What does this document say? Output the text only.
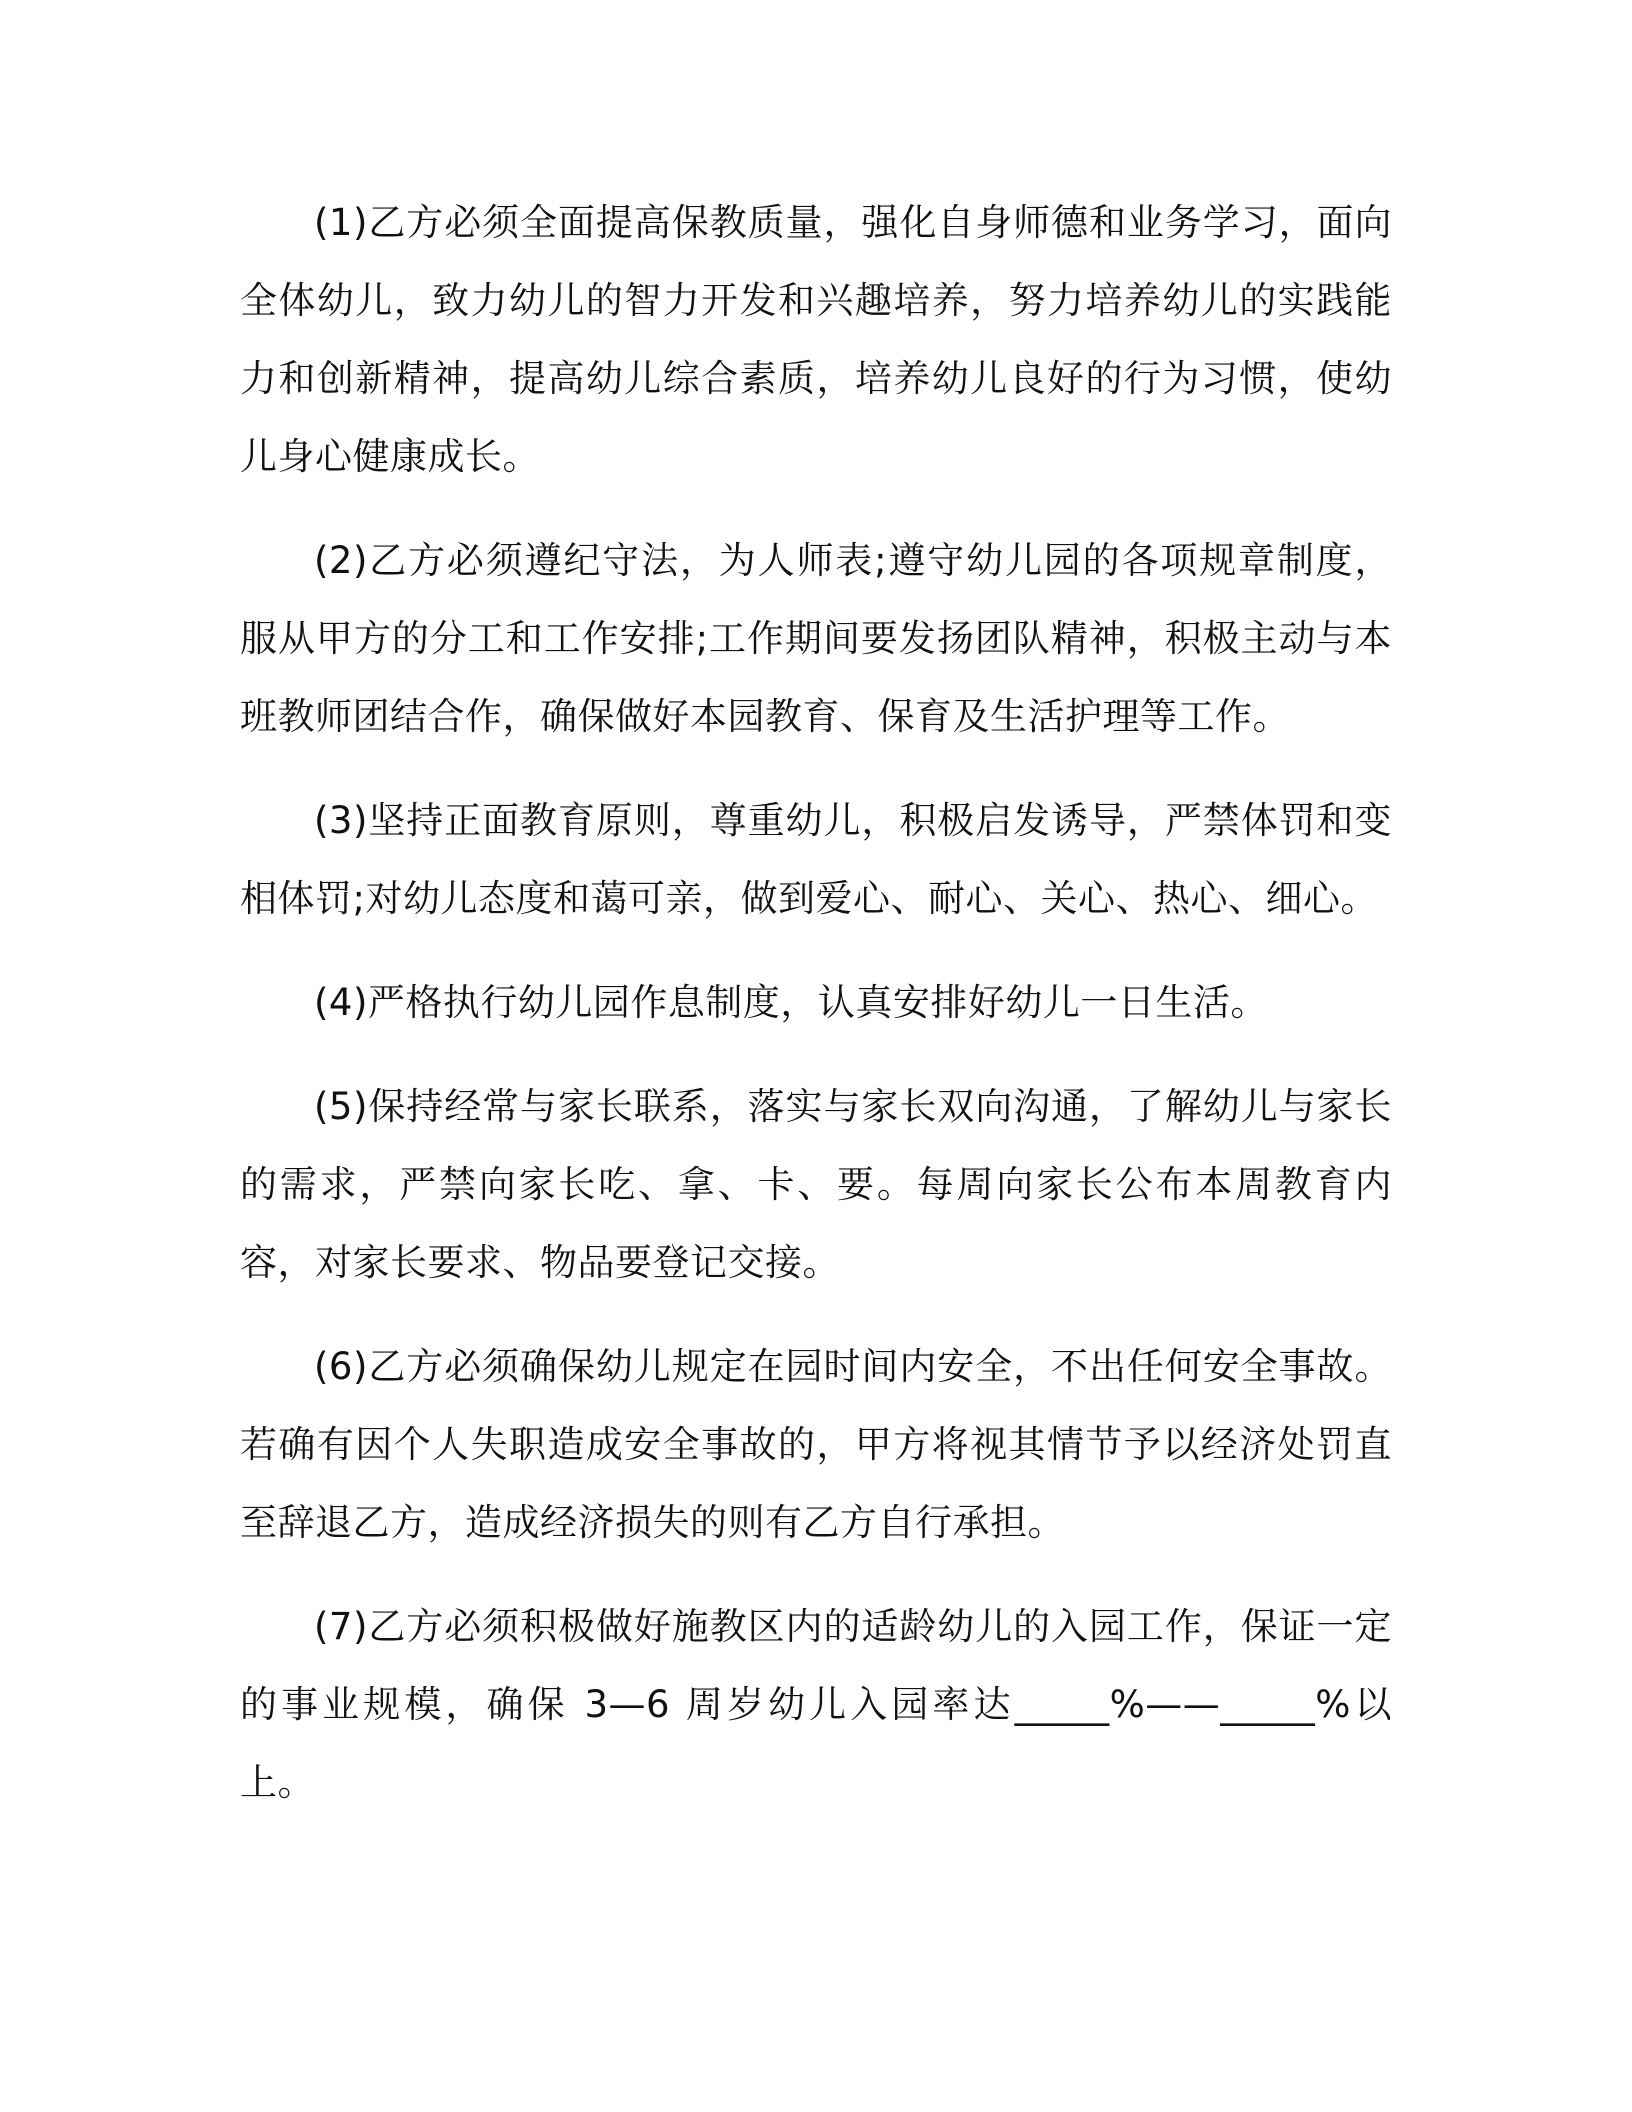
(1)乙方必须全面提高保教质量，强化自身师德和业务学习，面向全体幼儿，致力幼儿的智力开发和兴趣培养，努力培养幼儿的实践能力和创新精神，提高幼儿综合素质，培养幼儿良好的行为习惯，使幼儿身心健康成长。

(2)乙方必须遵纪守法，为人师表;遵守幼儿园的各项规章制度，服从甲方的分工和工作安排;工作期间要发扬团队精神，积极主动与本班教师团结合作，确保做好本园教育、保育及生活护理等工作。

(3)坚持正面教育原则，尊重幼儿，积极启发诱导，严禁体罚和变相体罚;对幼儿态度和蔼可亲，做到爱心、耐心、关心、热心、细心。

(4)严格执行幼儿园作息制度，认真安排好幼儿一日生活。

(5)保持经常与家长联系，落实与家长双向沟通，了解幼儿与家长的需求，严禁向家长吃、拿、卡、要。每周向家长公布本周教育内容，对家长要求、物品要登记交接。

(6)乙方必须确保幼儿规定在园时间内安全，不出任何安全事故。若确有因个人失职造成安全事故的，甲方将视其情节予以经济处罚直至辞退乙方，造成经济损失的则有乙方自行承担。

(7)乙方必须积极做好施教区内的适龄幼儿的入园工作，保证一定的事业规模，确保 3—6 周岁幼儿入园率达_____%——_____%以上。
